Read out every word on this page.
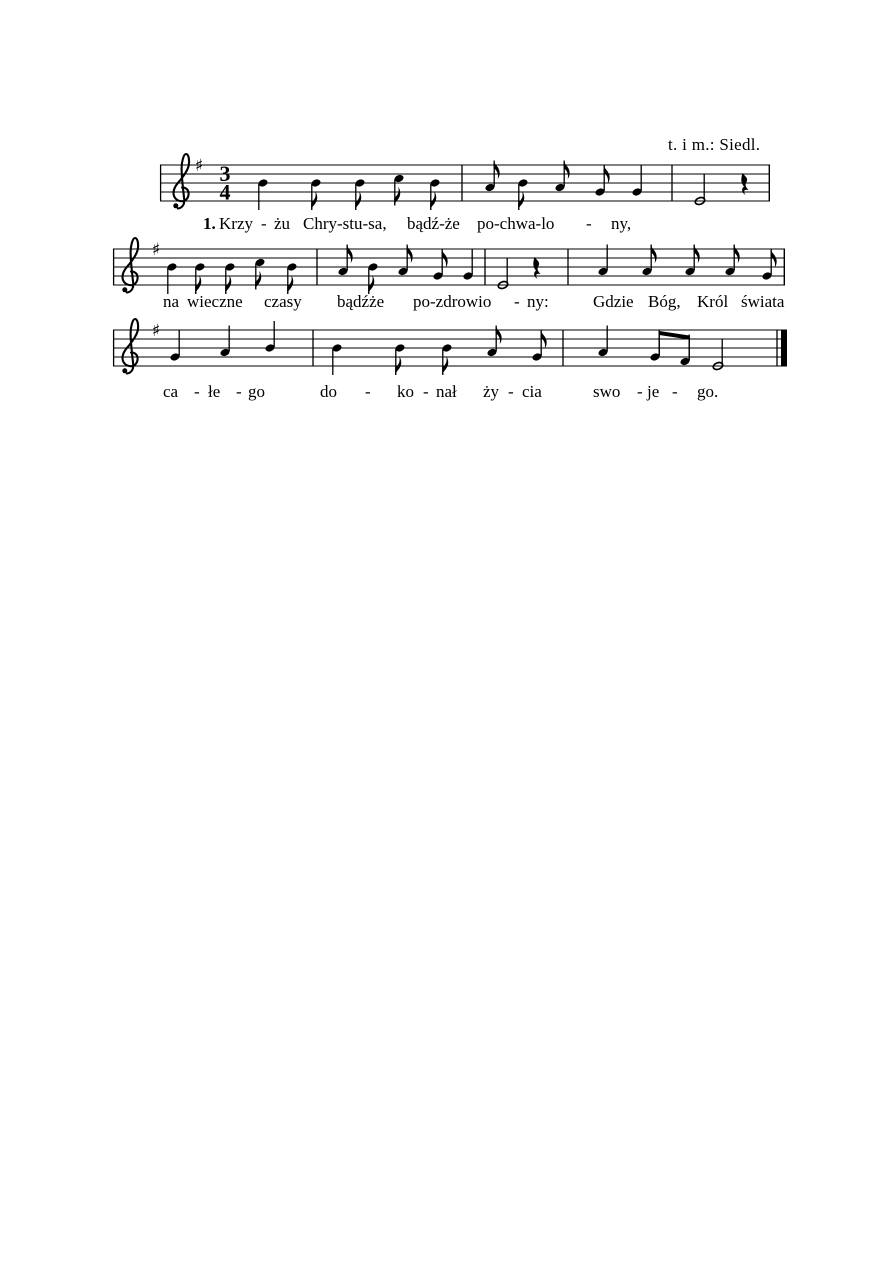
t. i m.: Siedl.
♯ 3
4
♯
♯
1. Krzy - żu Chry-stu-sa, bądź-że po-chwa-lo - ny,
na wieczne czasy bądźże po-zdrowio - ny:	Gdzie Bóg, Król świata
ca - łe - go	do - ko - nał ży - cia	swo - je - go.
